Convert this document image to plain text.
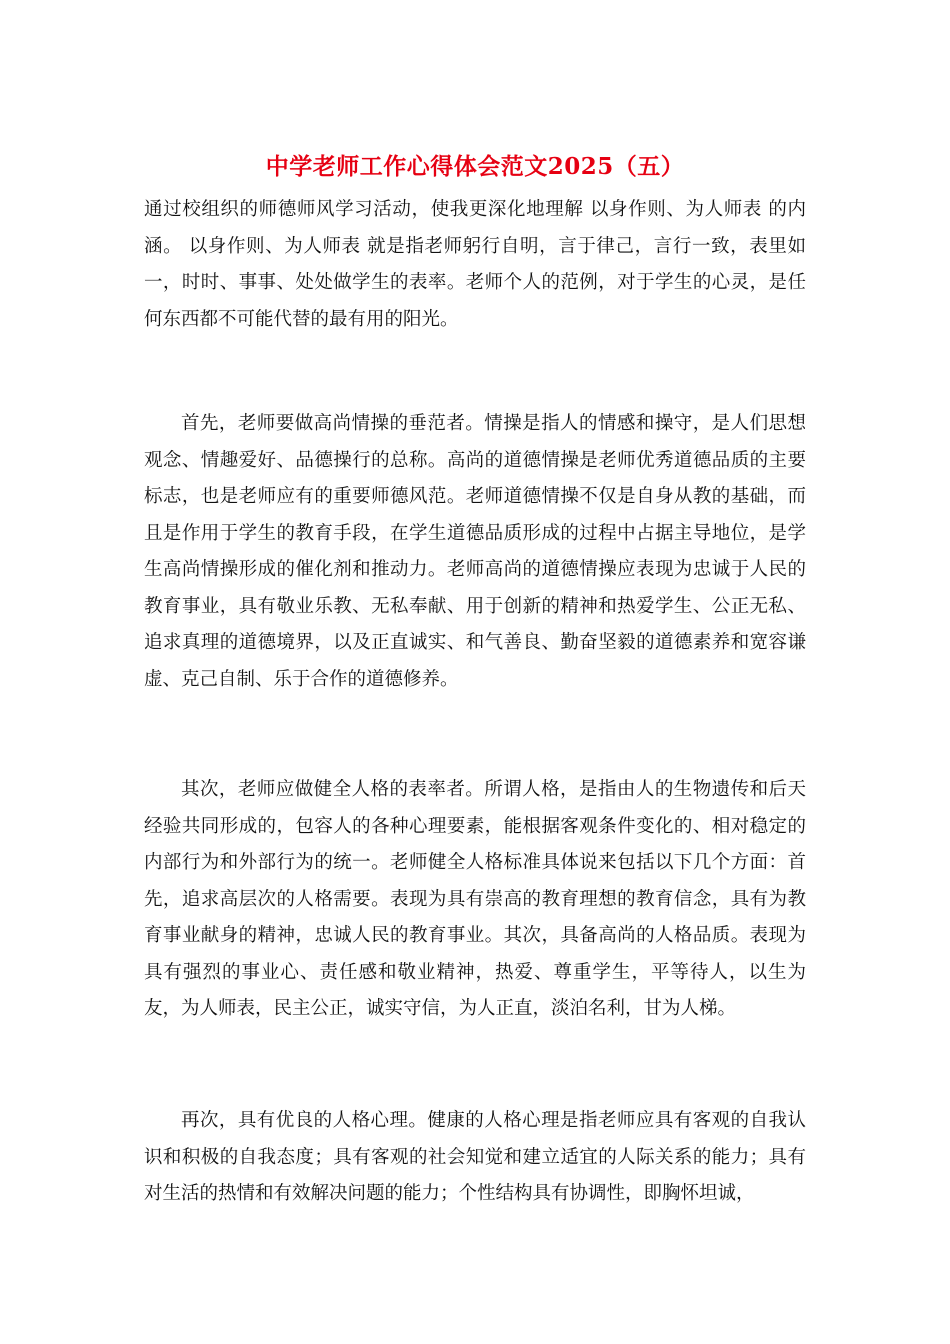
中学老师工作心得体会范文2025（五）

通过校组织的师德师风学习活动，使我更深化地理解 以身作则、为人师表 的内涵。 以身作则、为人师表 就是指老师躬行自明，言于律己，言行一致，表里如一，时时、事事、处处做学生的表率。老师个人的范例，对于学生的心灵，是任何东西都不可能代替的最有用的阳光。

首先，老师要做高尚情操的垂范者。情操是指人的情感和操守，是人们思想观念、情趣爱好、品德操行的总称。高尚的道德情操是老师优秀道德品质的主要标志，也是老师应有的重要师德风范。老师道德情操不仅是自身从教的基础，而且是作用于学生的教育手段，在学生道德品质形成的过程中占据主导地位，是学生高尚情操形成的催化剂和推动力。老师高尚的道德情操应表现为忠诚于人民的教育事业，具有敬业乐教、无私奉献、用于创新的精神和热爱学生、公正无私、追求真理的道德境界，以及正直诚实、和气善良、勤奋坚毅的道德素养和宽容谦虚、克己自制、乐于合作的道德修养。

其次，老师应做健全人格的表率者。所谓人格，是指由人的生物遗传和后天经验共同形成的，包容人的各种心理要素，能根据客观条件变化的、相对稳定的内部行为和外部行为的统一。老师健全人格标准具体说来包括以下几个方面：首先，追求高层次的人格需要。表现为具有崇高的教育理想的教育信念，具有为教育事业献身的精神，忠诚人民的教育事业。其次，具备高尚的人格品质。表现为具有强烈的事业心、责任感和敬业精神，热爱、尊重学生，平等待人，以生为友，为人师表，民主公正，诚实守信，为人正直，淡泊名利，甘为人梯。

再次，具有优良的人格心理。健康的人格心理是指老师应具有客观的自我认识和积极的自我态度；具有客观的社会知觉和建立适宜的人际关系的能力；具有对生活的热情和有效解决问题的能力；个性结构具有协调性，即胸怀坦诚，
